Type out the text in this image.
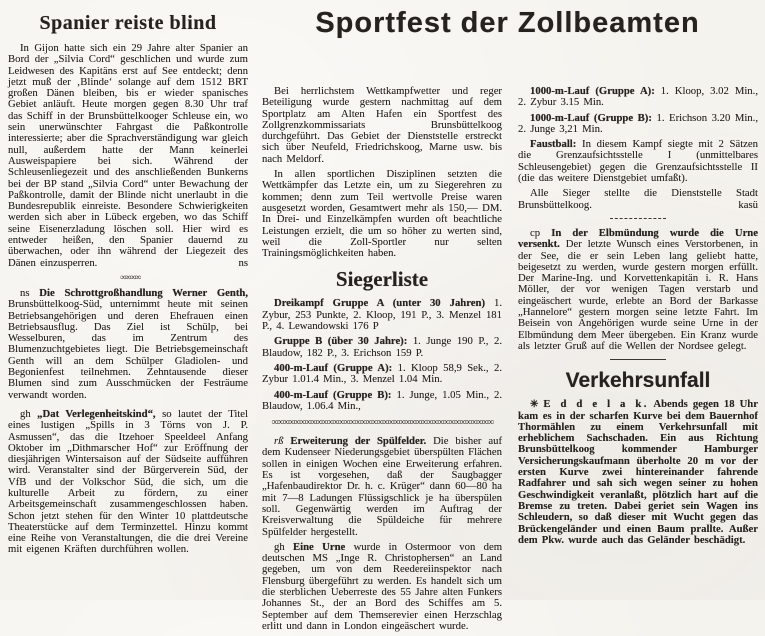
Spanier reiste blind

In Gijon hatte sich ein 29 Jahre alter Spanier an Bord der „Silvia Cord“ geschlichen und wurde zum Leidwesen des Kapitäns erst auf See entdeckt; denn jetzt muß der ‚Blinde‘ solange auf dem 1512 BRT großen Dänen bleiben, bis er wieder spanisches Gebiet anläuft. Heute morgen gegen 8.30 Uhr traf das Schiff in der Brunsbüttelkooger Schleuse ein, wo sein unerwünschter Fahrgast die Paßkontrolle interessierte; aber die Sprachverständigung war gleich null, außerdem hatte der Mann keinerlei Ausweispapiere bei sich. Während der Schleusenliegezeit und des anschließenden Bunkerns bei der BP stand „Silvia Cord“ unter Bewachung der Paßkontrolle, damit der Blinde nicht unerlaubt in die Bundesrepublik einreiste. Besondere Schwierigkeiten werden sich aber in Lübeck ergeben, wo das Schiff seine Eisenerzladung löschen soll. Hier wird es entweder heißen, den Spanier dauernd zu überwachen, oder ihn während der Liegezeit des Dänen einzusperren.	ns

∞∞∞∞

ns Die Schrottgroßhandlung Werner Genth, Brunsbüttelkoog-Süd, unternimmt heute mit seinen Betriebsangehörigen und deren Ehefrauen einen Betriebsausflug. Das Ziel ist Schülp, bei Wesselburen, das im Zentrum des Blumenzuchtgebietes liegt. Die Betriebsgemeinschaft Genth will an dem Schülper Gladiolen- und Begonienfest teilnehmen. Zehntausende dieser Blumen sind zum Ausschmücken der Festräume verwandt worden.

gh „Dat Verlegenheitskind“, so lautet der Titel eines lustigen „Spills in 3 Törns von J. P. Asmussen“, das die Itzehoer Speeldeel Anfang Oktober im „Dithmarscher Hof“ zur Eröffnung der diesjährigen Wintersaison auf der Südseite aufführen wird. Veranstalter sind der Bürgerverein Süd, der VfB und der Volkschor Süd, die sich, um die kulturelle Arbeit zu fördern, zu einer Arbeitsgemeinschaft zusammengeschlossen haben. Schon jetzt stehen für den Winter 10 plattdeutsche Theaterstücke auf dem Terminzettel. Hinzu kommt eine Reihe von Veranstaltungen, die die drei Vereine mit eigenen Kräften durchführen wollen.

Sportfest der Zollbeamten

Bei herrlichstem Wettkampfwetter und reger Beteiligung wurde gestern nachmittag auf dem Sportplatz am Alten Hafen ein Sportfest des Zollgrenzkommissariats Brunsbüttelkoog durchgeführt. Das Gebiet der Dienststelle erstreckt sich über Neufeld, Friedrichskoog, Marne usw. bis nach Meldorf.

In allen sportlichen Disziplinen setzten die Wettkämpfer das Letzte ein, um zu Siegerehren zu kommen; denn zum Teil wertvolle Preise waren ausgesetzt worden, Gesamtwert mehr als 150,— DM. In Drei- und Einzelkämpfen wurden oft beachtliche Leistungen erzielt, die um so höher zu werten sind, weil die Zoll-Sportler nur selten Trainingsmöglichkeiten haben.

Siegerliste

Dreikampf Gruppe A (unter 30 Jahren) 1. Zybur, 253 Punkte, 2. Kloop, 191 P., 3. Menzel 181 P., 4. Lewandowski 176 P

Gruppe B (über 30 Jahre): 1. Junge 190 P., 2. Blaudow, 182 P., 3. Erichson 159 P.

400-m-Lauf (Gruppe A): 1. Kloop 58,9 Sek., 2. Zybur 1.01.4 Min., 3. Menzel 1.04 Min.

400-m-Lauf (Gruppe B): 1. Junge, 1.05 Min., 2. Blaudow, 1.06.4 Min.,

∞∞∞∞∞∞∞∞∞∞∞∞∞∞∞∞∞∞∞∞∞∞∞∞∞∞∞∞∞∞∞∞∞∞∞∞∞∞∞∞

rß Erweiterung der Spülfelder. Die bisher auf dem Kudenseer Niederungsgebiet überspülten Flächen sollen in einigen Wochen eine Erweiterung erfahren. Es ist vorgesehen, daß der Saugbagger „Hafenbaudirektor Dr. h. c. Krüger“ dann 60—80 ha mit 7—8 Ladungen Flüssigschlick je ha überspülen soll. Gegenwärtig werden im Auftrag der Kreisverwaltung die Spüldeiche für mehrere Spülfelder hergestellt.

gh Eine Urne wurde in Ostermoor von dem deutschen MS „Inge R. Christophersen“ an Land gegeben, um von dem Reedereiinspektor nach Flensburg übergeführt zu werden. Es handelt sich um die sterblichen Ueberreste des 55 Jahre alten Funkers Johannes St., der an Bord des Schiffes am 5. September auf dem Themserevier einen Herzschlag erlitt und dann in London eingeäschert wurde.

1000-m-Lauf (Gruppe A): 1. Kloop, 3.02 Min., 2. Zybur 3.15 Min.

1000-m-Lauf (Gruppe B): 1. Erichson 3.20 Min., 2. Junge 3,21 Min.

Faustball: In diesem Kampf siegte mit 2 Sätzen die Grenzaufsichtsstelle I (unmittelbares Schleusengebiet) gegen die Grenzaufsichtsstelle II (die das weitere Dienstgebiet umfaßt).

Alle Sieger stellte die Dienststelle Stadt Brunsbüttelkoog.	kasü

cp In der Elbmündung wurde die Urne versenkt. Der letzte Wunsch eines Verstorbenen, in der See, die er sein Leben lang geliebt hatte, beigesetzt zu werden, wurde gestern morgen erfüllt. Der Marine-Ing. und Korvettenkapitän i. R. Hans Möller, der vor wenigen Tagen verstarb und eingeäschert wurde, erlebte an Bord der Barkasse „Hannelore“ gestern morgen seine letzte Fahrt. Im Beisein von Angehörigen wurde seine Urne in der Elbmündung dem Meer übergeben. Ein Kranz wurde als letzter Gruß auf die Wellen der Nordsee gelegt.

Verkehrsunfall

✳ E d d e l a k. Abends gegen 18 Uhr kam es in der scharfen Kurve bei dem Bauernhof Thormählen zu einem Verkehrsunfall mit erheblichem Sachschaden. Ein aus Richtung Brunsbüttelkoog kommender Hamburger Versicherungskaufmann überholte 20 m vor der ersten Kurve zwei hintereinander fahrende Radfahrer und sah sich wegen seiner zu hohen Geschwindigkeit veranlaßt, plötzlich hart auf die Bremse zu treten. Dabei geriet sein Wagen ins Schleudern, so daß dieser mit Wucht gegen das Brückengeländer und einen Baum prallte. Außer dem Pkw. wurde auch das Geländer beschädigt.
